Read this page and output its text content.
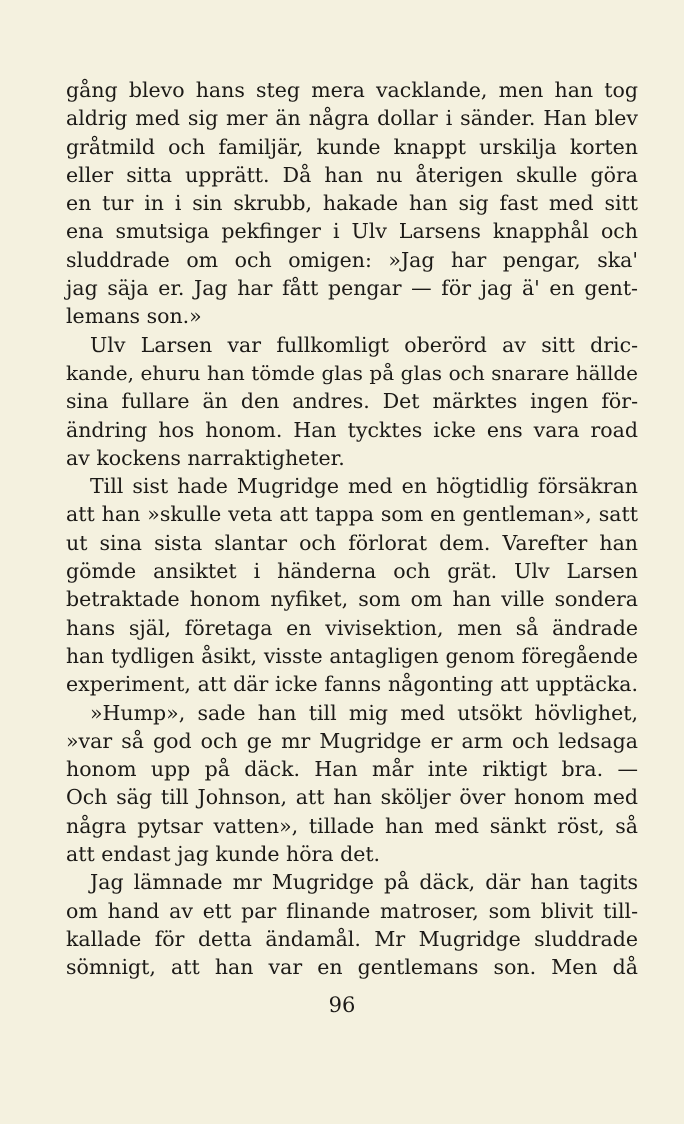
gång blevo hans steg mera vacklande, men han tog
aldrig med sig mer än några dollar i sänder. Han blev
gråtmild och familjär, kunde knappt urskilja korten
eller sitta upprätt. Då han nu återigen skulle göra
en tur in i sin skrubb, hakade han sig fast med sitt
ena smutsiga pekfinger i Ulv Larsens knapphål och
sluddrade om och omigen: »Jag har pengar, ska'
jag säja er. Jag har fått pengar — för jag ä' en gent-
lemans son.»
Ulv Larsen var fullkomligt oberörd av sitt dric-
kande, ehuru han tömde glas på glas och snarare hällde
sina fullare än den andres. Det märktes ingen för-
ändring hos honom. Han tycktes icke ens vara road
av kockens narraktigheter.
Till sist hade Mugridge med en högtidlig försäkran
att han »skulle veta att tappa som en gentleman», satt
ut sina sista slantar och förlorat dem. Varefter han
gömde ansiktet i händerna och grät. Ulv Larsen
betraktade honom nyfiket, som om han ville sondera
hans själ, företaga en vivisektion, men så ändrade
han tydligen åsikt, visste antagligen genom föregående
experiment, att där icke fanns någonting att upptäcka.
»Hump», sade han till mig med utsökt hövlighet,
»var så god och ge mr Mugridge er arm och ledsaga
honom upp på däck. Han mår inte riktigt bra. —
Och säg till Johnson, att han sköljer över honom med
några pytsar vatten», tillade han med sänkt röst, så
att endast jag kunde höra det.
Jag lämnade mr Mugridge på däck, där han tagits
om hand av ett par flinande matroser, som blivit till-
kallade för detta ändamål. Mr Mugridge sluddrade
sömnigt, att han var en gentlemans son. Men då
96
